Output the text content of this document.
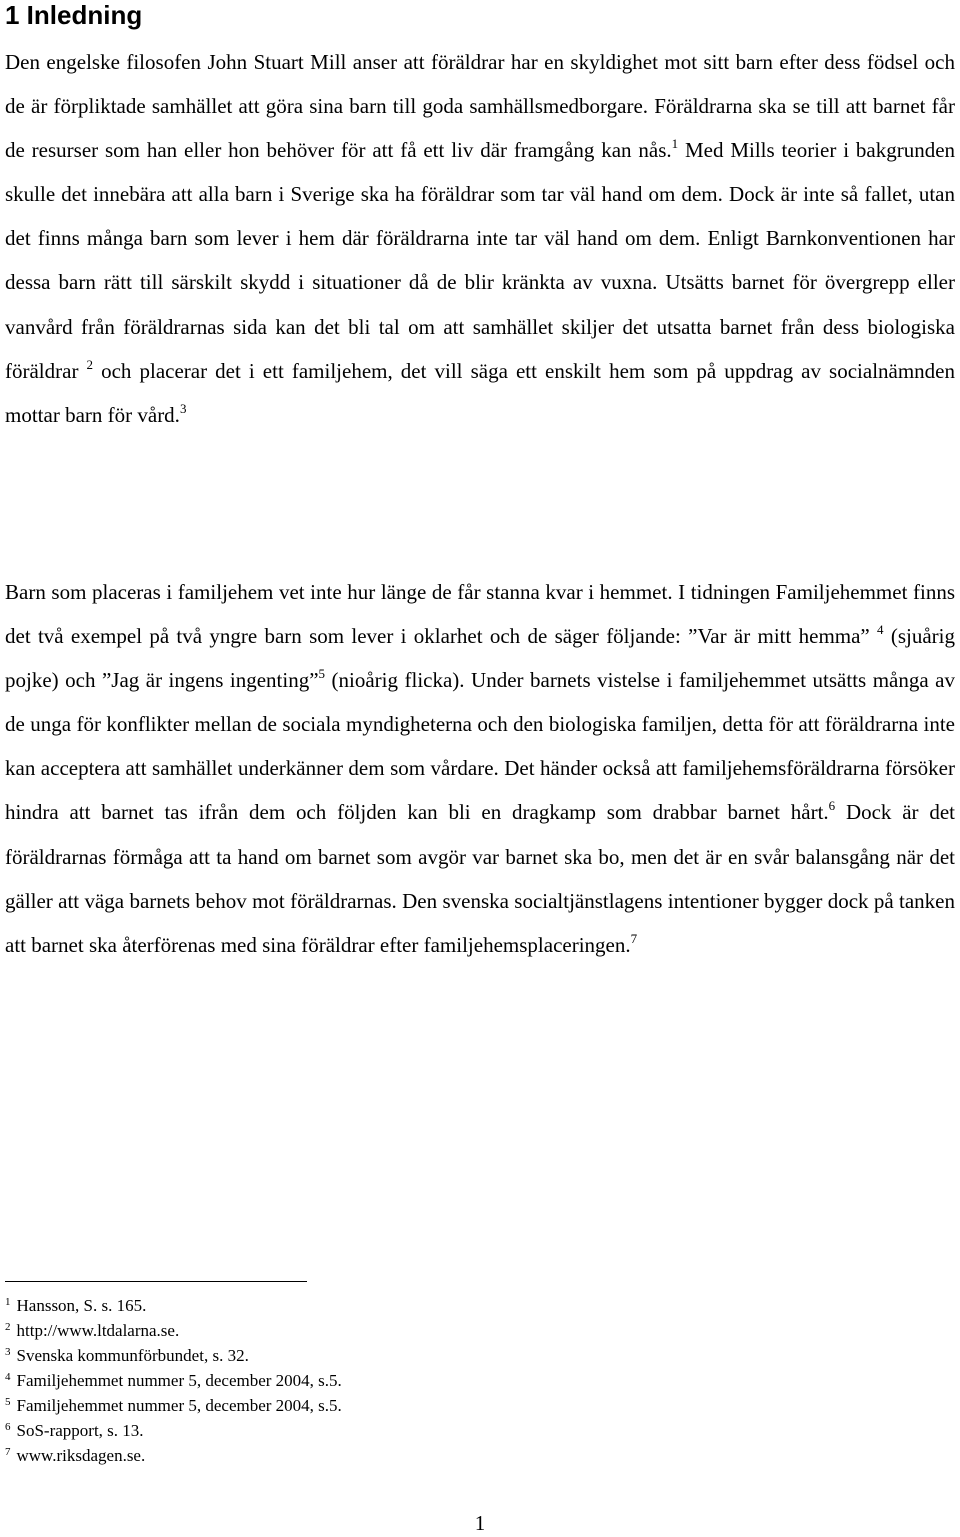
1 Inledning

Den engelske filosofen John Stuart Mill anser att föräldrar har en skyldighet mot sitt barn efter dess födsel och de är förpliktade samhället att göra sina barn till goda samhällsmedborgare. Föräldrarna ska se till att barnet får de resurser som han eller hon behöver för att få ett liv där framgång kan nås.$^1$ Med Mills teorier i bakgrunden skulle det innebära att alla barn i Sverige ska ha föräldrar som tar väl hand om dem. Dock är inte så fallet, utan det finns många barn som lever i hem där föräldrarna inte tar väl hand om dem. Enligt Barnkonventionen har dessa barn rätt till särskilt skydd i situationer då de blir kränkta av vuxna. Utsätts barnet för övergrepp eller vanvård från föräldrarnas sida kan det bli tal om att samhället skiljer det utsatta barnet från dess biologiska föräldrar $^2$ och placerar det i ett familjehem, det vill säga ett enskilt hem som på uppdrag av socialnämnden mottar barn för vård.$^3$

Barn som placeras i familjehem vet inte hur länge de får stanna kvar i hemmet. I tidningen Familjehemmet finns det två exempel på två yngre barn som lever i oklarhet och de säger följande: ”Var är mitt hemma” $^4$ (sjuårig pojke) och ”Jag är ingens ingenting”$^5$ (nioårig flicka). Under barnets vistelse i familjehemmet utsätts många av de unga för konflikter mellan de sociala myndigheterna och den biologiska familjen, detta för att föräldrarna inte kan acceptera att samhället underkänner dem som vårdare. Det händer också att familjehemsföräldrarna försöker hindra att barnet tas ifrån dem och följden kan bli en dragkamp som drabbar barnet hårt.$^6$ Dock är det föräldrarnas förmåga att ta hand om barnet som avgör var barnet ska bo, men det är en svår balansgång när det gäller att väga barnets behov mot föräldrarnas. Den svenska socialtjänstlagens intentioner bygger dock på tanken att barnet ska återförenas med sina föräldrar efter familjehemsplaceringen.$^7$

$^1$ Hansson, S. s. 165.
$^2$ http://www.ltdalarna.se.
$^3$ Svenska kommunförbundet, s. 32.
$^4$ Familjehemmet nummer 5, december 2004, s.5.
$^5$ Familjehemmet nummer 5, december 2004, s.5.
$^6$ SoS-rapport, s. 13.
$^7$ www.riksdagen.se.
1
